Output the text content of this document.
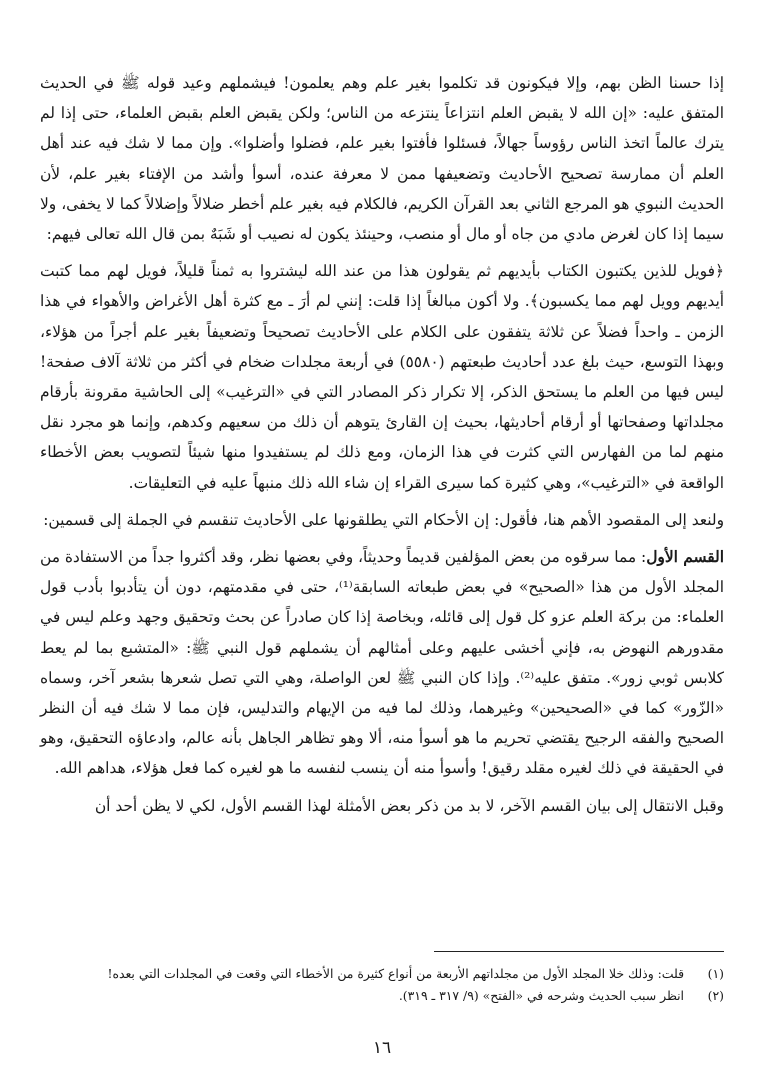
إذا حسنا الظن بهم، وإلا فيكونون قد تكلموا بغير علم وهم يعلمون! فيشملهم وعيد قوله ﷺ في الحديث المتفق عليه: «إن الله لا يقبض العلم انتزاعاً ينتزعه من الناس؛ ولكن يقبض العلم بقبض العلماء، حتى إذا لم يترك عالماً اتخذ الناس رؤوساً جهالاً، فسئلوا فأفتوا بغير علم، فضلوا وأضلوا». وإن مما لا شك فيه عند أهل العلم أن ممارسة تصحيح الأحاديث وتضعيفها ممن لا معرفة عنده، أسوأ وأشد من الإفتاء بغير علم، لأن الحديث النبوي هو المرجع الثاني بعد القرآن الكريم، فالكلام فيه بغير علم أخطر ضلالاً وإضلالاً كما لا يخفى، ولا سيما إذا كان لغرض مادي من جاه أو مال أو منصب، وحينئذ يكون له نصيب أو شَبَهٌ بمن قال الله تعالى فيهم:

﴿فويل للذين يكتبون الكتاب بأيديهم ثم يقولون هذا من عند الله ليشتروا به ثمناً قليلاً، فويل لهم مما كتبت أيديهم وويل لهم مما يكسبون﴾. ولا أكون مبالغاً إذا قلت: إنني لم أرَ ـ مع كثرة أهل الأغراض والأهواء في هذا الزمن ـ واحداً فضلاً عن ثلاثة يتفقون على الكلام على الأحاديث تصحيحاً وتضعيفاً بغير علم أجراً من هؤلاء، وبهذا التوسع، حيث بلغ عدد أحاديث طبعتهم (٥٥٨٠) في أربعة مجلدات ضخام في أكثر من ثلاثة آلاف صفحة! ليس فيها من العلم ما يستحق الذكر، إلا تكرار ذكر المصادر التي في «الترغيب» إلى الحاشية مقرونة بأرقام مجلداتها وصفحاتها أو أرقام أحاديثها، بحيث إن القارئ يتوهم أن ذلك من سعيهم وكدهم، وإنما هو مجرد نقل منهم لما من الفهارس التي كثرت في هذا الزمان، ومع ذلك لم يستفيدوا منها شيئاً لتصويب بعض الأخطاء الواقعة في «الترغيب»، وهي كثيرة كما سيرى القراء إن شاء الله ذلك منبهاً عليه في التعليقات.

ولنعد إلى المقصود الأهم هنا، فأقول: إن الأحكام التي يطلقونها على الأحاديث تنقسم في الجملة إلى قسمين:

القسم الأول: مما سرقوه من بعض المؤلفين قديماً وحديثاً، وفي بعضها نظر، وقد أكثروا جداً من الاستفادة من المجلد الأول من هذا «الصحيح» في بعض طبعاته السابقة⁽¹⁾، حتى في مقدمتهم، دون أن يتأدبوا بأدب قول العلماء: من بركة العلم عزو كل قول إلى قائله، وبخاصة إذا كان صادراً عن بحث وتحقيق وجهد وعلم ليس في مقدورهم النهوض به، فإني أخشى عليهم وعلى أمثالهم أن يشملهم قول النبي ﷺ: «المتشبع بما لم يعط كلابس ثوبي زور». متفق عليه⁽²⁾. وإذا كان النبي ﷺ لعن الواصلة، وهي التي تصل شعرها بشعر آخر، وسماه «الزّور» كما في «الصحيحين» وغيرهما، وذلك لما فيه من الإيهام والتدليس، فإن مما لا شك فيه أن النظر الصحيح والفقه الرجيح يقتضي تحريم ما هو أسوأ منه، ألا وهو تظاهر الجاهل بأنه عالم، وادعاؤه التحقيق، وهو في الحقيقة في ذلك لغيره مقلد رقيق! وأسوأ منه أن ينسب لنفسه ما هو لغيره كما فعل هؤلاء، هداهم الله.

وقبل الانتقال إلى بيان القسم الآخر، لا بد من ذكر بعض الأمثلة لهذا القسم الأول، لكي لا يظن أحد أن

(١)
قلت: وذلك خلا المجلد الأول من مجلداتهم الأربعة من أنواع كثيرة من الأخطاء التي وقعت في المجلدات التي بعده!
(٢)
انظر سبب الحديث وشرحه في «الفتح» (٩/ ٣١٧ ـ ٣١٩).
١٦
